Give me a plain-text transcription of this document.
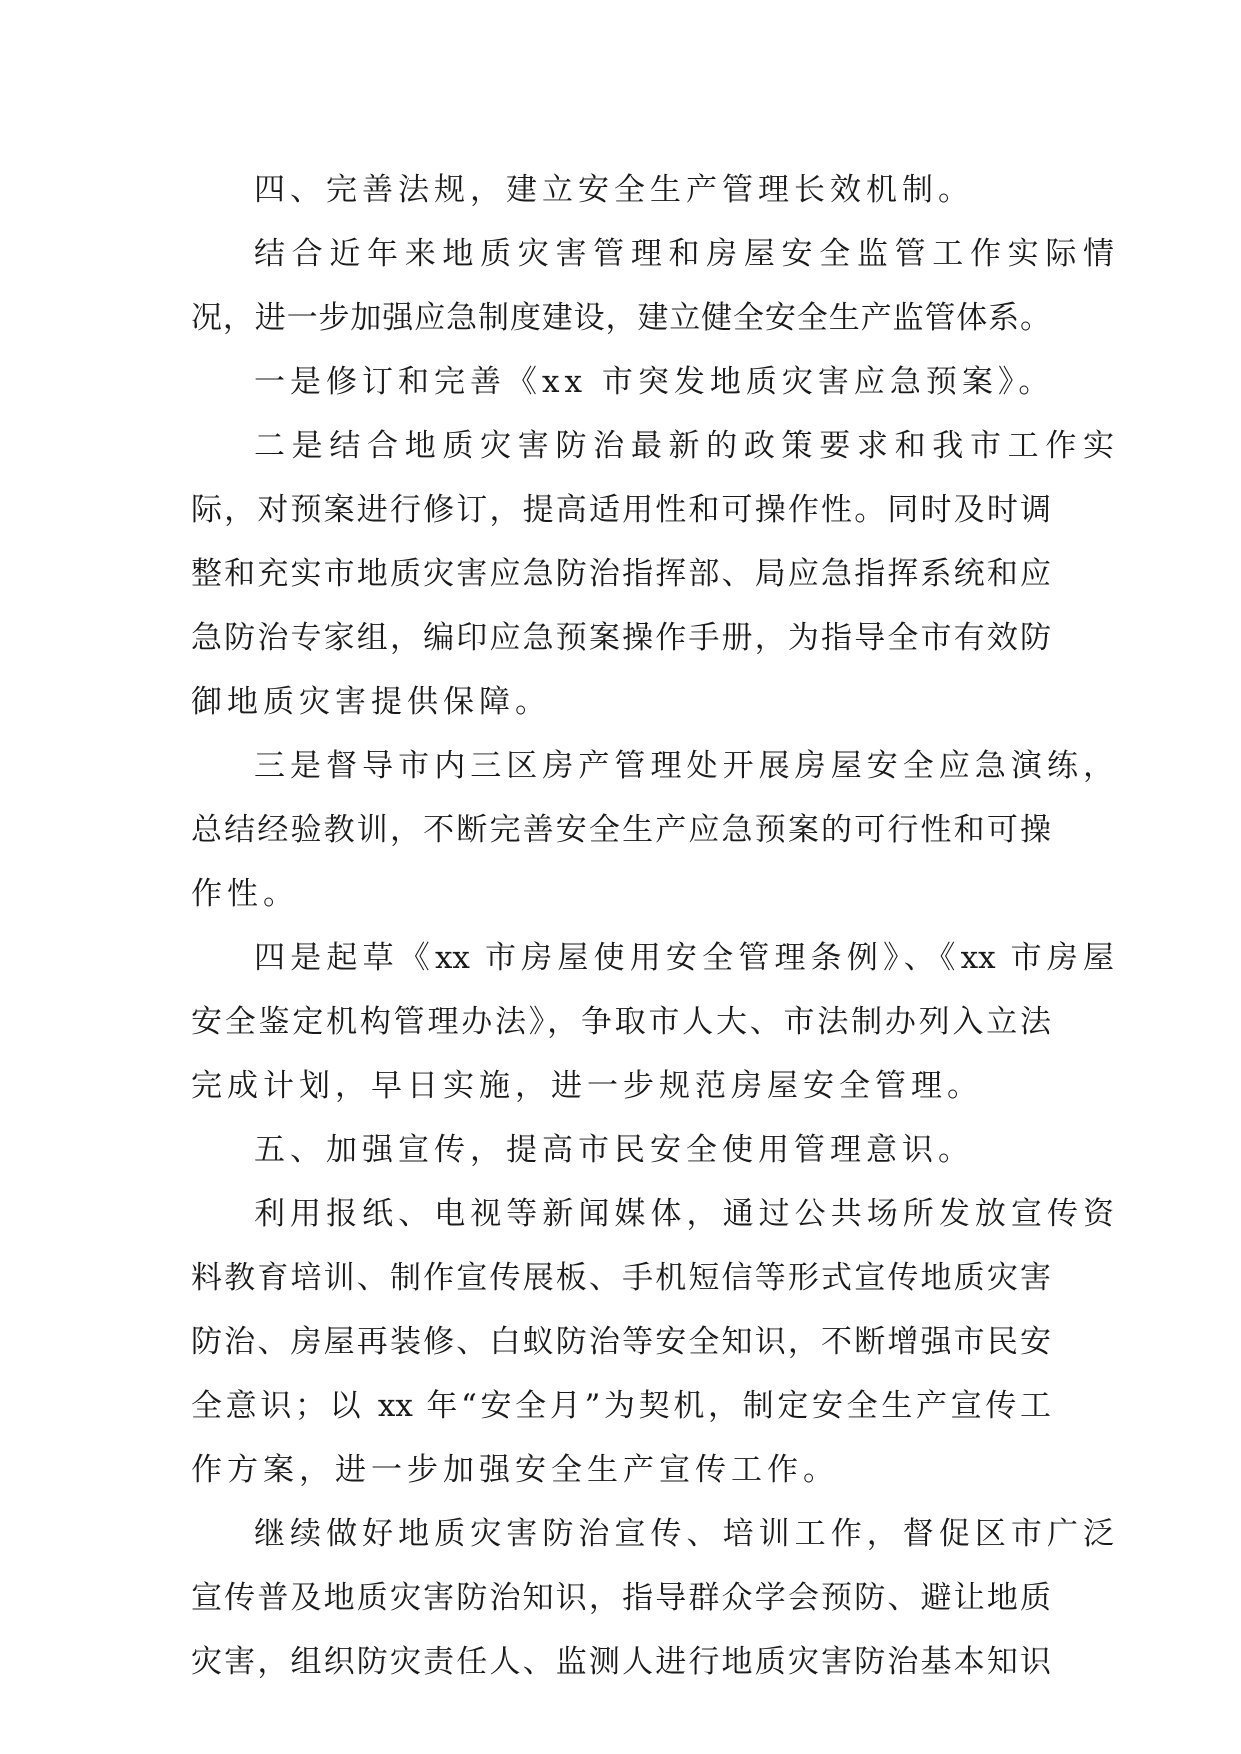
四、完善法规，建立安全生产管理长效机制。
结合近年来地质灾害管理和房屋安全监管工作实际情
况，进一步加强应急制度建设，建立健全安全生产监管体系。
一是修订和完善《xx 市突发地质灾害应急预案》。
二是结合地质灾害防治最新的政策要求和我市工作实
际，对预案进行修订，提高适用性和可操作性。同时及时调
整和充实市地质灾害应急防治指挥部、局应急指挥系统和应
急防治专家组，编印应急预案操作手册，为指导全市有效防
御地质灾害提供保障。
三是督导市内三区房产管理处开展房屋安全应急演练，
总结经验教训，不断完善安全生产应急预案的可行性和可操
作性。
四是起草《xx 市房屋使用安全管理条例》、《xx 市房屋
安全鉴定机构管理办法》，争取市人大、市法制办列入立法
完成计划，早日实施，进一步规范房屋安全管理。
五、加强宣传，提高市民安全使用管理意识。
利用报纸、电视等新闻媒体，通过公共场所发放宣传资
料教育培训、制作宣传展板、手机短信等形式宣传地质灾害
防治、房屋再装修、白蚁防治等安全知识，不断增强市民安
全意识；以 xx 年“安全月”为契机，制定安全生产宣传工
作方案，进一步加强安全生产宣传工作。
继续做好地质灾害防治宣传、培训工作，督促区市广泛
宣传普及地质灾害防治知识，指导群众学会预防、避让地质
灾害，组织防灾责任人、监测人进行地质灾害防治基本知识
